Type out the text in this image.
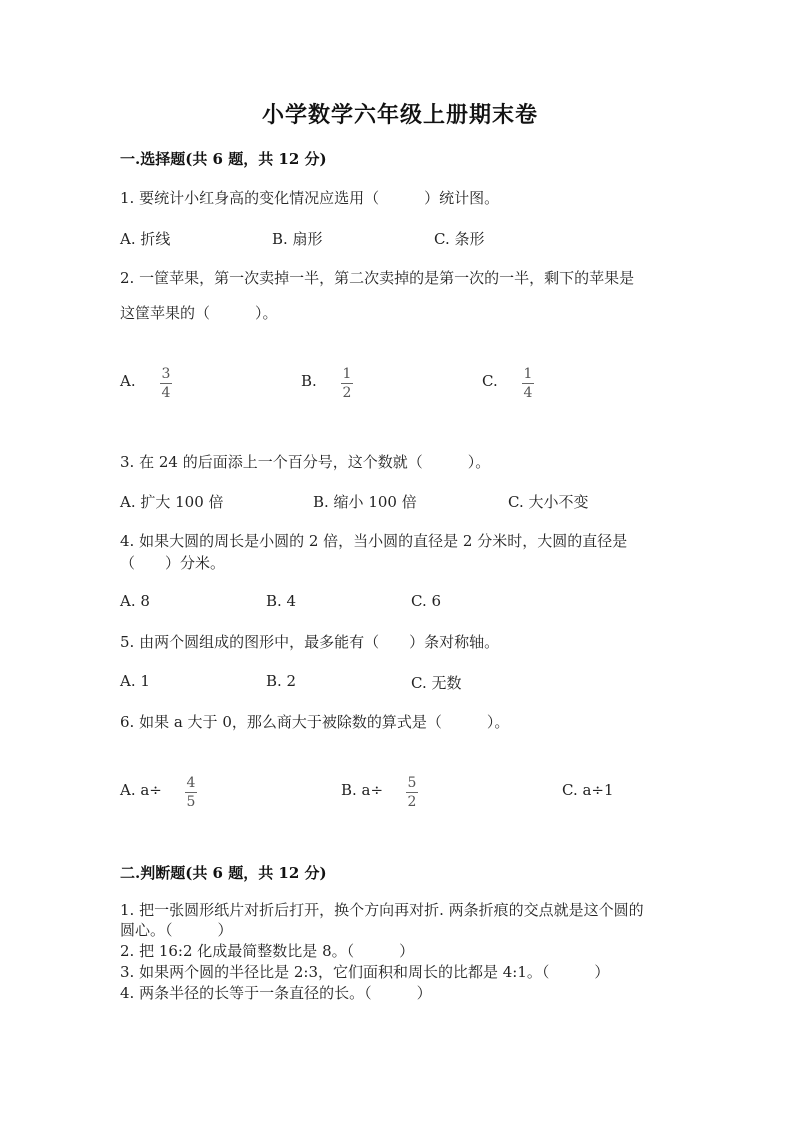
小学数学六年级上册期末卷
一.选择题(共 6 题，共 12 分)
1. 要统计小红身高的变化情况应选用（　　　）统计图。
A. 折线	B. 扇形	C. 条形
2. 一筐苹果，第一次卖掉一半，第二次卖掉的是第一次的一半，剩下的苹果是
这筐苹果的（　　　）。
A. 3
4
B. 1
2
C. 1
4
3. 在 24 的后面添上一个百分号，这个数就（　　　）。
A. 扩大 100 倍	B. 缩小 100 倍	C. 大小不变
4. 如果大圆的周长是小圆的 2 倍，当小圆的直径是 2 分米时，大圆的直径是
（　　）分米。
A. 8	B. 4	C. 6
5. 由两个圆组成的图形中，最多能有（　　）条对称轴。
A. 1	B. 2	C. 无数
6. 如果 a 大于 0，那么商大于被除数的算式是（　　　）。
A. a÷ 4
5
B. a÷ 5
2
C. a÷1
二.判断题(共 6 题，共 12 分)
1. 把一张圆形纸片对折后打开，换个方向再对折. 两条折痕的交点就是这个圆的
圆心。（　　　）
2. 把 16:2 化成最简整数比是 8。（　　　）
3. 如果两个圆的半径比是 2:3，它们面积和周长的比都是 4:1。（　　　）
4. 两条半径的长等于一条直径的长。（　　　）
